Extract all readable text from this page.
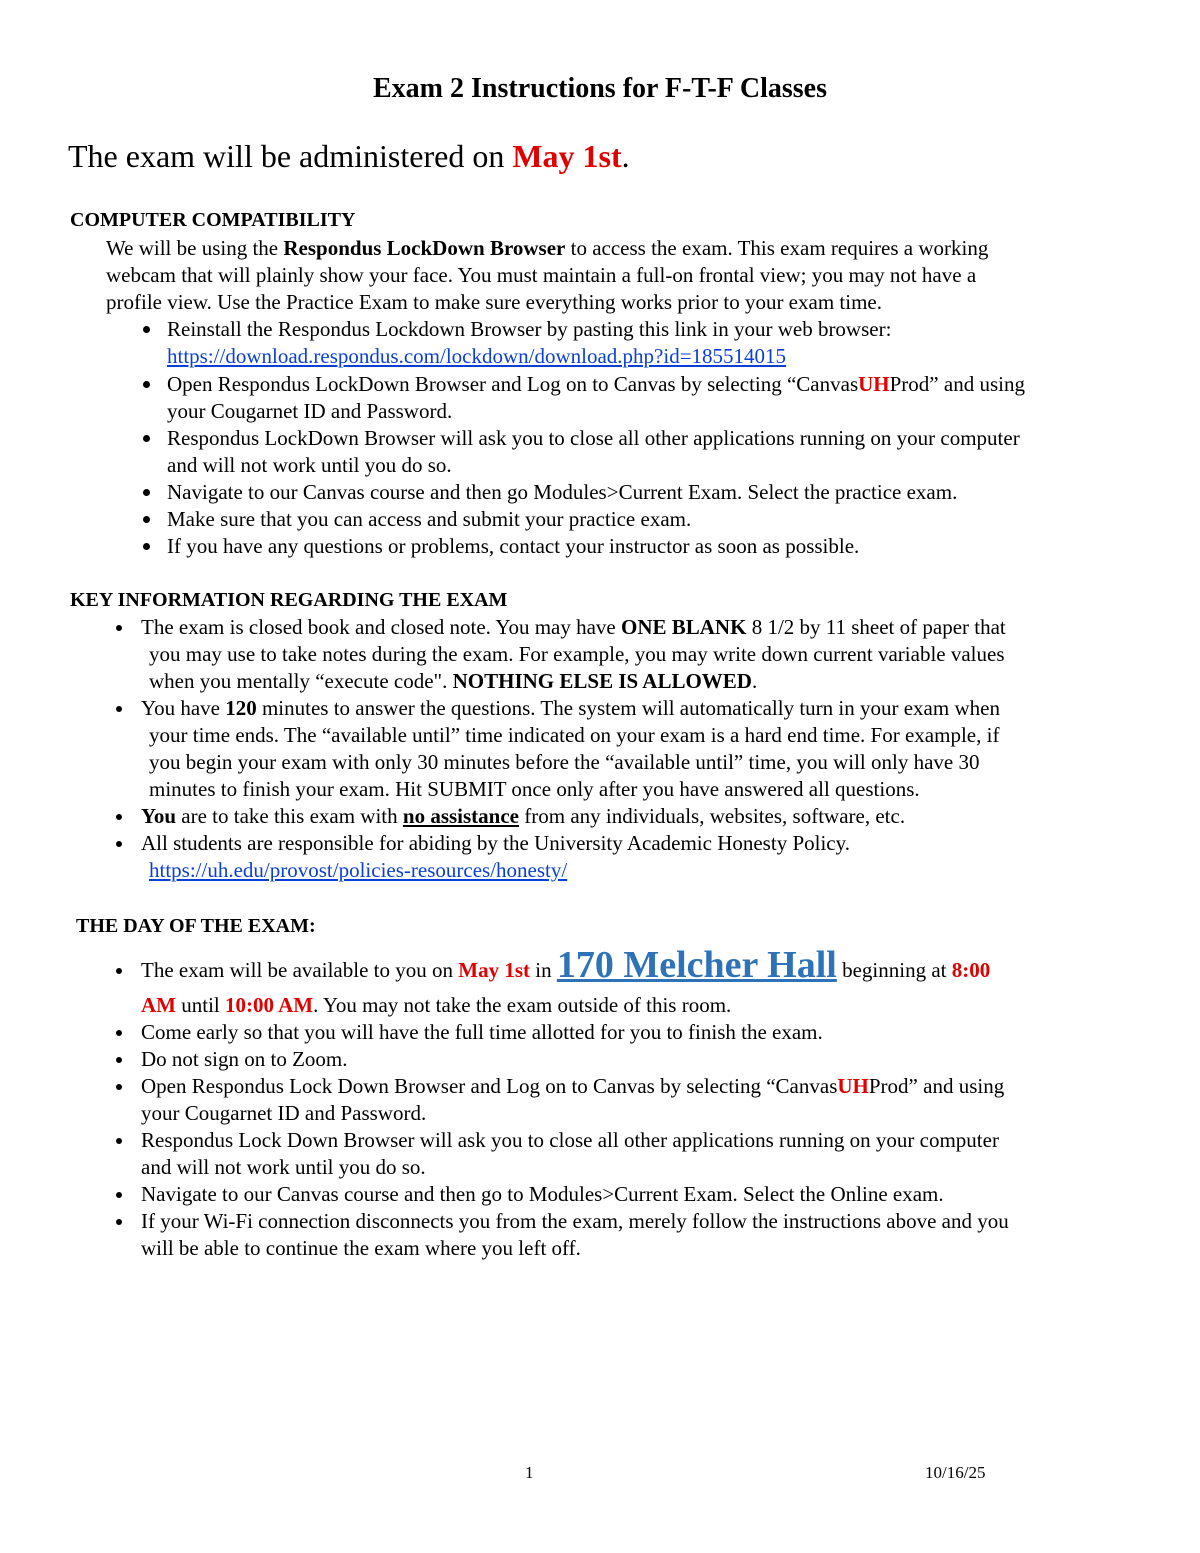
Exam 2 Instructions for F-T-F Classes
The exam will be administered on May 1st.
COMPUTER COMPATIBILITY
We will be using the Respondus LockDown Browser to access the exam. This exam requires a working
webcam that will plainly show your face. You must maintain a full-on frontal view; you may not have a
profile view. Use the Practice Exam to make sure everything works prior to your exam time.
Reinstall the Respondus Lockdown Browser by pasting this link in your web browser:
https://download.respondus.com/lockdown/download.php?id=185514015
Open Respondus LockDown Browser and Log on to Canvas by selecting “CanvasUHProd” and using
your Cougarnet ID and Password.
Respondus LockDown Browser will ask you to close all other applications running on your computer
and will not work until you do so.
Navigate to our Canvas course and then go Modules>Current Exam. Select the practice exam.
Make sure that you can access and submit your practice exam.
If you have any questions or problems, contact your instructor as soon as possible.
KEY INFORMATION REGARDING THE EXAM
The exam is closed book and closed note. You may have ONE BLANK 8 1/2 by 11 sheet of paper that
you may use to take notes during the exam. For example, you may write down current variable values
when you mentally “execute code". NOTHING ELSE IS ALLOWED.
You have 120 minutes to answer the questions. The system will automatically turn in your exam when
your time ends. The “available until” time indicated on your exam is a hard end time. For example, if
you begin your exam with only 30 minutes before the “available until” time, you will only have 30
minutes to finish your exam. Hit SUBMIT once only after you have answered all questions.
You are to take this exam with no assistance from any individuals, websites, software, etc.
All students are responsible for abiding by the University Academic Honesty Policy.
https://uh.edu/provost/policies-resources/honesty/
THE DAY OF THE EXAM:
The exam will be available to you on May 1st in 170 Melcher Hall beginning at 8:00
AM until 10:00 AM. You may not take the exam outside of this room.
Come early so that you will have the full time allotted for you to finish the exam.
Do not sign on to Zoom.
Open Respondus Lock Down Browser and Log on to Canvas by selecting “CanvasUHProd” and using
your Cougarnet ID and Password.
Respondus Lock Down Browser will ask you to close all other applications running on your computer
and will not work until you do so.
Navigate to our Canvas course and then go to Modules>Current Exam. Select the Online exam.
If your Wi-Fi connection disconnects you from the exam, merely follow the instructions above and you
will be able to continue the exam where you left off.
1	10/16/25
